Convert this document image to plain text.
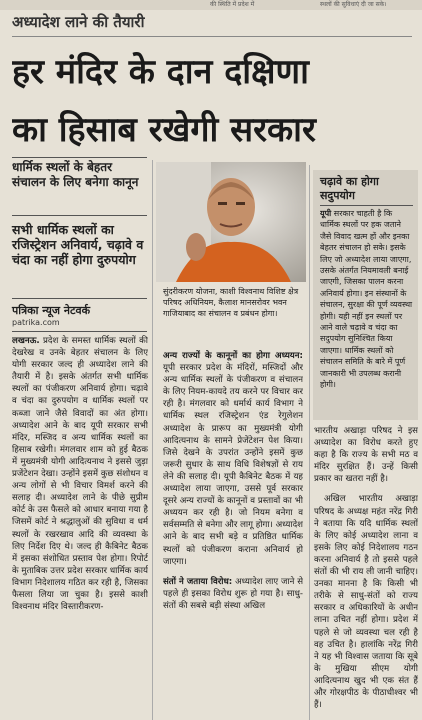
की स्थिति में प्रदेश में	स्थलों की सुविधाएं दी जा सके।
अध्यादेश लाने की तैयारी
हर मंदिर के दान दक्षिणा
का हिसाब रखेगी सरकार
धार्मिक स्थलों के बेहतर संचालन के लिए बनेगा कानून
सभी धार्मिक स्थलों का रजिस्ट्रेशन अनिवार्य, चढ़ावे व चंदा का नहीं होगा दुरुपयोग
पत्रिका न्यूज नेटवर्क
patrika.com

लखनऊ. प्रदेश के समस्त धार्मिक स्थलों की देखरेख व उनके बेहतर संचालन के लिए योगी सरकार जल्द ही अध्यादेश लाने की तैयारी में है। इसके अंतर्गत सभी धार्मिक स्थलों का पंजीकरण अनिवार्य होगा। चढ़ावे व चंदा का दुरुपयोग व धार्मिक स्थलों पर कब्जा जाने जैसे विवादों का अंत होगा। अध्यादेश आने के बाद यूपी सरकार सभी मंदिर, मस्जिद व अन्य धार्मिक स्थलों का हिसाब रखेगी। मंगलवार शाम को हुई बैठक में मुख्यमंत्री योगी आदित्यनाथ ने इससे जुड़ा प्रजेंटेशन देखा। उन्होंने इसमें कुछ संशोधन व अन्य लोगों से भी विचार विमर्श करने की सलाह दी। अध्यादेश लाने के पीछे सुप्रीम कोर्ट के उस फैसले को आधार बनाया गया है जिसमें कोर्ट ने श्रद्धालुओं की सुविधा व धर्म स्थलों के रखरखाव आदि की व्यवस्था के लिए निर्देश दिए थे। जल्द ही कैबिनेट बैठक में इसका संशोधित प्रस्ताव पेश होगा। रिपोर्ट के मुताबिक उत्तर प्रदेश सरकार धार्मिक कार्य विभाग निदेशालय गठित कर रही है, जिसका फैसला लिया जा चुका है। इससे काशी विश्वनाथ मंदिर विस्तारीकरण-

सुंदरीकरण योजना, काशी विश्वनाथ विशिष्ट क्षेत्र परिषद अधिनियम, कैलाश मानसरोवर भवन गाजियाबाद का संचालन व प्रबंधन होगा।

अन्य राज्यों के कानूनों का होगा अध्ययन: यूपी सरकार प्रदेश के मंदिरों, मस्जिदों और अन्य धार्मिक स्थलों के पंजीकरण व संचालन के लिए नियम-कायदे तय करने पर विचार कर रही है। मंगलवार को धर्मार्थ कार्य विभाग ने धार्मिक स्थल रजिस्ट्रेशन एंड रेगुलेशन अध्यादेश के प्रारूप का मुख्यमंत्री योगी आदित्यनाथ के सामने प्रेजेंटेशन पेश किया। जिसे देखने के उपरांत उन्होंने इसमें कुछ जरूरी सुधार के साथ विधि विशेषज्ञों से राय लेने की सलाह दी। यूपी कैबिनेट बैठक में यह अध्यादेश लाया जाएगा, उससे पूर्व सरकार दूसरे अन्य राज्यों के कानूनों व प्रस्तावों का भी अध्ययन कर रही है। जो नियम बनेगा व सर्वसम्मति से बनेगा और लागू होगा। अध्यादेश आने के बाद सभी बड़े व प्रतिष्ठित धार्मिक स्थलों को पंजीकरण कराना अनिवार्य हो जाएगा।

संतों ने जताया विरोध: अध्यादेश लाए जाने से पहले ही इसका विरोध शुरू हो गया है। साधु-संतों की सबसे बड़ी संस्था अखिल

चढ़ावे का होगा सदुपयोग
यूपी सरकार चाहती है कि धार्मिक स्थलों पर हक जताने जैसे विवाद खत्म हों और इनका बेहतर संचालन हो सके। इसके लिए जो अध्यादेश लाया जाएगा, उसके अंतर्गत नियमावली बनाई जाएगी, जिसका पालन करना अनिवार्य होगा। इन संस्थानों के संचालन, सुरक्षा की पूर्ण व्यवस्था होगी। यही नहीं इन स्थलों पर आने वाले चढ़ावे व चंदा का सदुपयोग सुनिश्चित किया जाएगा। धार्मिक स्थलों को संचालन समिति के बारे में पूर्ण जानकारी भी उपलब्ध करानी होगी।

भारतीय अखाड़ा परिषद ने इस अध्यादेश का विरोध करते हुए कहा है कि राज्य के सभी मठ व मंदिर सुरक्षित हैं। उन्हें किसी प्रकार का खतरा नहीं है।

अखिल भारतीय अखाड़ा परिषद के अध्यक्ष महंत नरेंद्र गिरी ने बताया कि यदि धार्मिक स्थलों के लिए कोई अध्यादेश लाना व इसके लिए कोई निदेशालय गठन करना अनिवार्य है तो इससे पहले संतों की भी राय ली जानी चाहिए। उनका मानना है कि किसी भी तरीके से साधु-संतों को राज्य सरकार व अधिकारियों के अधीन लाना उचित नहीं होगा। प्रदेश में पहले से जो व्यवस्था चल रही है वह उचित है। हालांकि नरेंद्र गिरी ने यह भी विश्वास जताया कि सूबे के मुखिया सीएम योगी आदित्यनाथ खुद भी एक संत हैं और गोरक्षपीठ के पीठाधीश्वर भी हैं।
